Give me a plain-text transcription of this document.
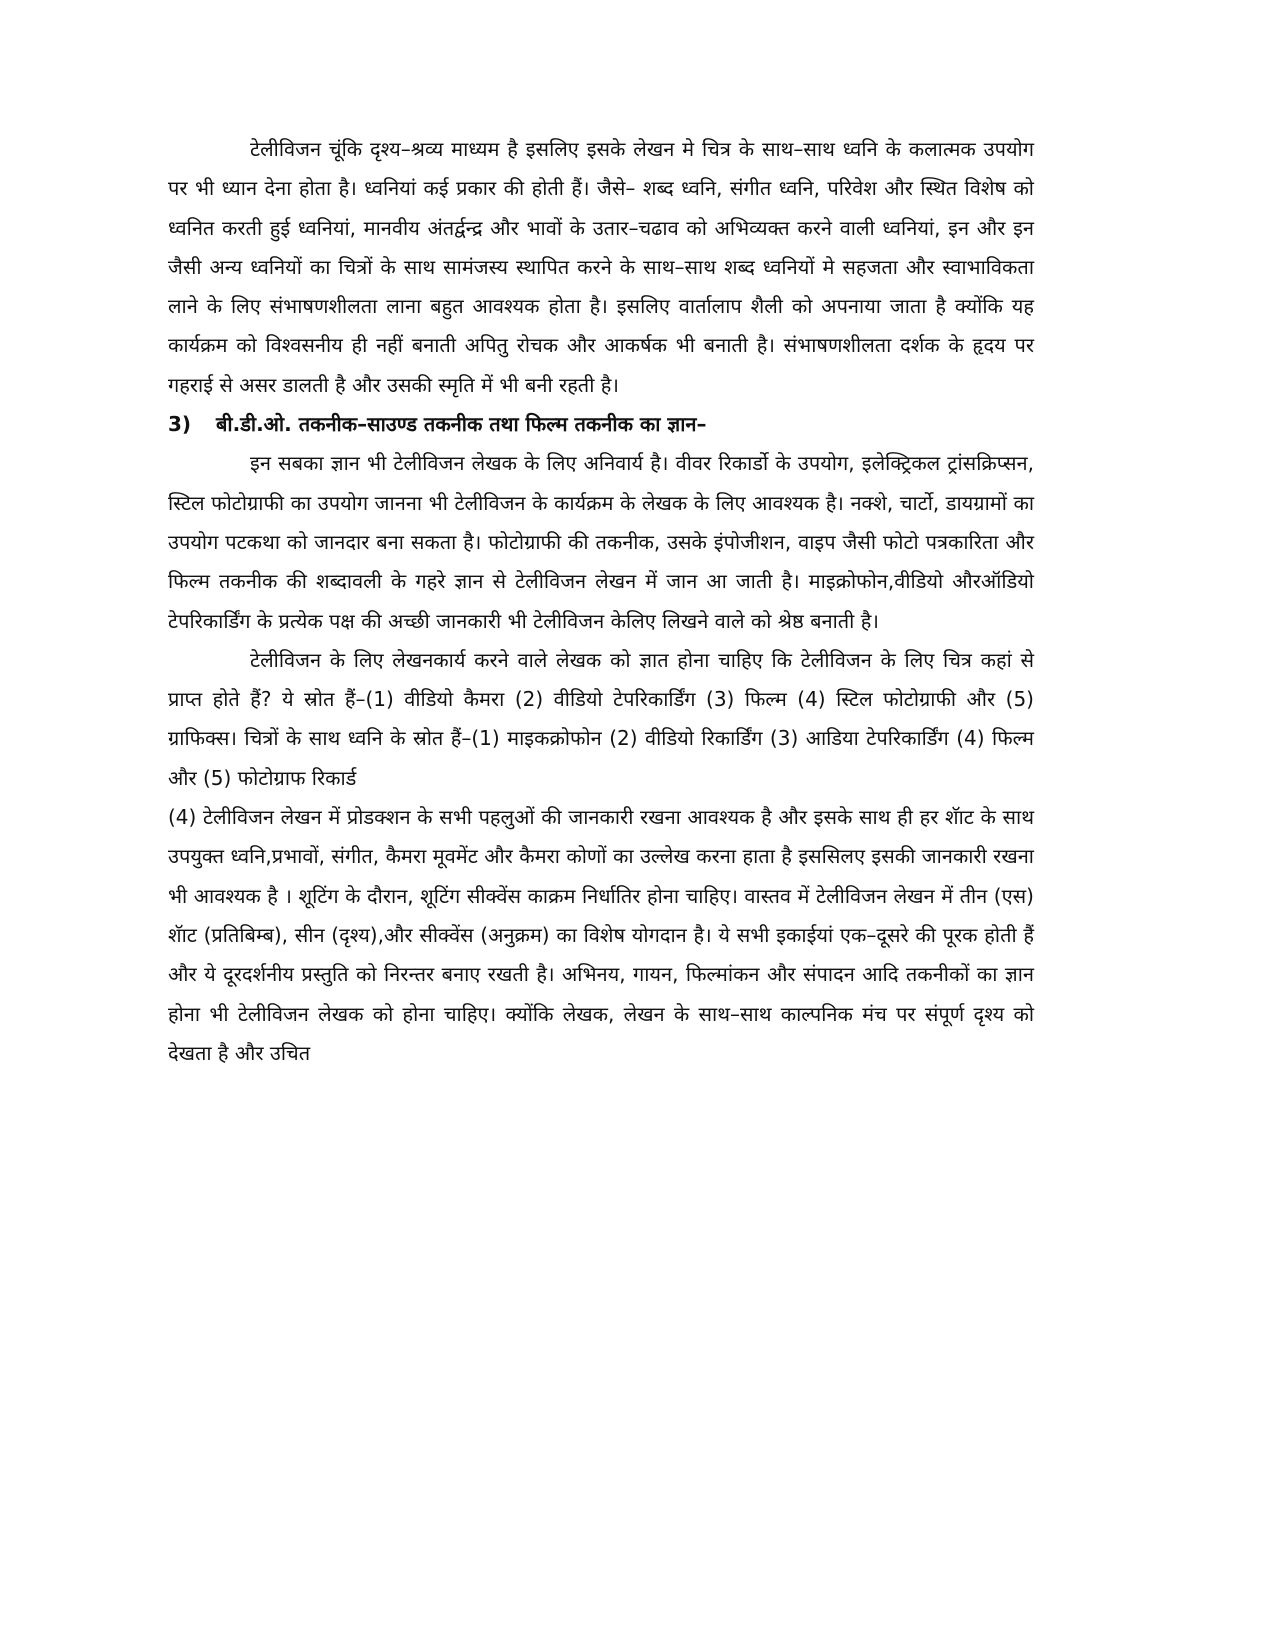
टेलीविजन चूंकि दृश्य–श्रव्य माध्यम है इसलिए इसके लेखन मे चित्र के साथ–साथ ध्वनि के कलात्मक उपयोग पर भी ध्यान देना होता है। ध्वनियां कई प्रकार की होती हैं। जैसे– शब्द ध्वनि, संगीत ध्वनि, परिवेश और स्थित विशेष को ध्वनित करती हुई ध्वनियां, मानवीय अंतर्द्वन्द्र और भावों के उतार–चढाव को अभिव्यक्त करने वाली ध्वनियां, इन और इन जैसी अन्य ध्वनियों का चित्रों के साथ सामंजस्य स्थापित करने के साथ–साथ शब्द ध्वनियों मे सहजता और स्वाभाविकता लाने के लिए संभाषणशीलता लाना बहुत आवश्यक होता है। इसलिए वार्तालाप शैली को अपनाया जाता है क्योंकि यह कार्यक्रम को विश्वसनीय ही नहीं बनाती अपितु रोचक और आकर्षक भी बनाती है। संभाषणशीलता दर्शक के हृदय पर गहराई से असर डालती है और उसकी स्मृति में भी बनी रहती है।

3) बी.डी.ओ. तकनीक–साउण्ड तकनीक तथा फिल्म तकनीक का ज्ञान–

इन सबका ज्ञान भी टेलीविजन लेखक के लिए अनिवार्य है। वीवर रिकार्डो के उपयोग, इलेक्ट्रिकल ट्रांसक्रिप्सन, स्टिल फोटोग्राफी का उपयोग जानना भी टेलीविजन के कार्यक्रम के लेखक के लिए आवश्यक है। नक्शे, चार्टो, डायग्रामों का उपयोग पटकथा को जानदार बना सकता है। फोटोग्राफी की तकनीक, उसके इंपोजीशन, वाइप जैसी फोटो पत्रकारिता और फिल्म तकनीक की शब्दावली के गहरे ज्ञान से टेलीविजन लेखन में जान आ जाती है। माइक्रोफोन,वीडियो औरऑडियो टेपरिकार्डिंग के प्रत्येक पक्ष की अच्छी जानकारी भी टेलीविजन केलिए लिखने वाले को श्रेष्ठ बनाती है।

टेलीविजन के लिए लेखनकार्य करने वाले लेखक को ज्ञात होना चाहिए कि टेलीविजन के लिए चित्र कहां से प्राप्त होते हैं? ये स्रोत हैं–(1) वीडियो कैमरा (2) वीडियो टेपरिकार्डिंग (3) फिल्म (4) स्टिल फोटोग्राफी और (5) ग्राफिक्स। चित्रों के साथ ध्वनि के स्रोत हैं–(1) माइकक्रोफोन (2) वीडियो रिकार्डिंग (3) आडिया टेपरिकार्डिंग (4) फिल्म और (5) फोटोग्राफ रिकार्ड

(4) टेलीविजन लेखन में प्रोडक्शन के सभी पहलुओं की जानकारी रखना आवश्यक है और इसके साथ ही हर शॅाट के साथ उपयुक्त ध्वनि,प्रभावों, संगीत, कैमरा मूवमेंट और कैमरा कोणों का उल्लेख करना हाता है इससिलए इसकी जानकारी रखना भी आवश्यक है । शूटिंग के दौरान, शूटिंग सीक्वेंस काक्रम निर्धातिर होना चाहिए। वास्तव में टेलीविजन लेखन में तीन (एस) शॅाट (प्रतिबिम्ब), सीन (दृश्य),और सीक्वेंस (अनुक्रम) का विशेष योगदान है। ये सभी इकाईयां एक–दूसरे की पूरक होती हैं और ये दूरदर्शनीय प्रस्तुति को निरन्तर बनाए रखती है। अभिनय, गायन, फिल्मांकन और संपादन आदि तकनीकों का ज्ञान होना भी टेलीविजन लेखक को होना चाहिए। क्योंकि लेखक, लेखन के साथ–साथ काल्पनिक मंच पर संपूर्ण दृश्य को देखता है और उचित
